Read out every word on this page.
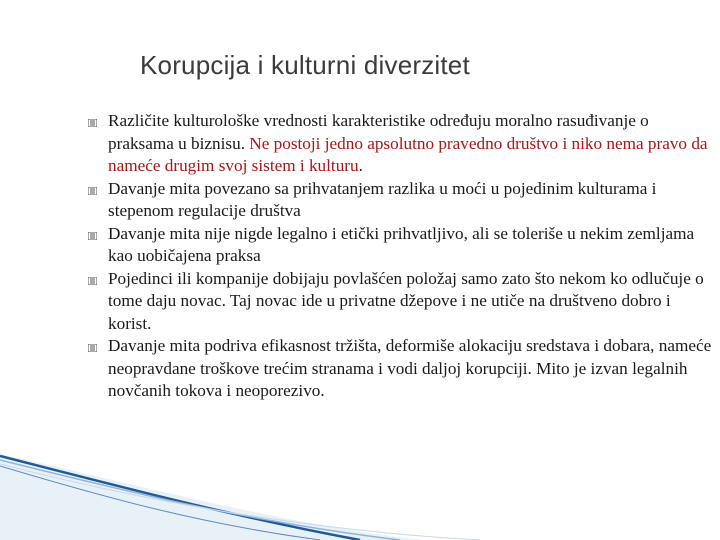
Korupcija i kulturni diverzitet
Različite kulturološke vrednosti karakteristike određuju moralno rasuđivanje o praksama u biznisu. Ne postoji jedno apsolutno pravedno društvo i niko nema pravo da nameće drugim svoj sistem i kulturu.
Davanje mita povezano sa prihvatanjem razlika u moći u pojedinim kulturama i stepenom regulacije društva
Davanje mita nije nigde legalno i etički prihvatljivo, ali se toleriše u nekim zemljama kao uobičajena praksa
Pojedinci ili kompanije dobijaju povlašćen položaj samo zato što nekom ko odlučuje o tome daju novac. Taj novac ide u privatne džepove i ne utiče na društveno dobro i korist.
Davanje mita podriva efikasnost tržišta, deformiše alokaciju sredstava i dobara, nameće neopravdane troškove trećim stranama i vodi daljoj korupciji. Mito je izvan legalnih novčanih tokova i neoporezivo.
